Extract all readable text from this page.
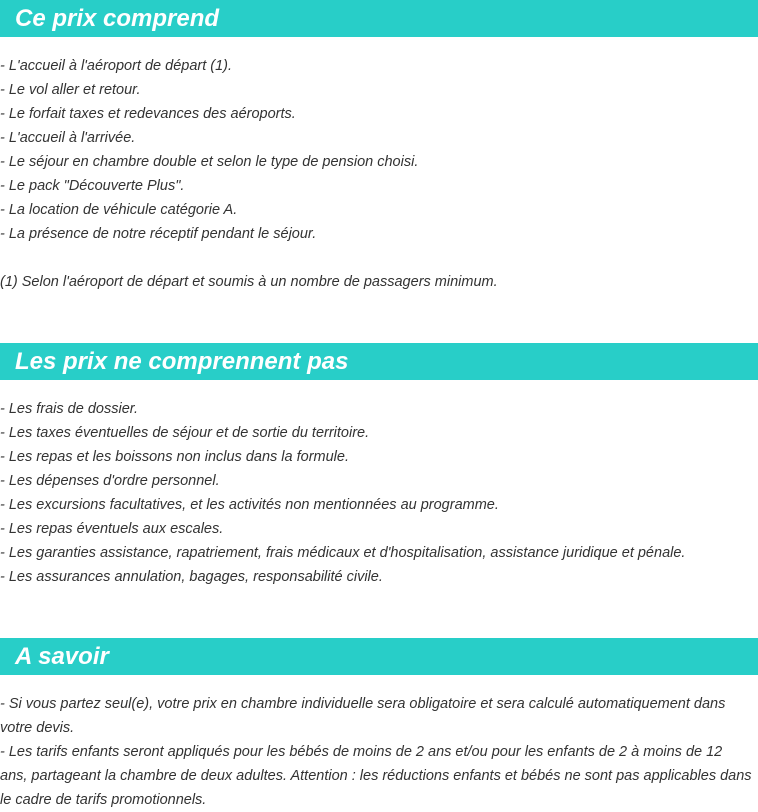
Ce prix comprend

- L'accueil à l'aéroport de départ (1).

- Le vol aller et retour.

- Le forfait taxes et redevances des aéroports.

- L'accueil à l'arrivée.

- Le séjour en chambre double et selon le type de pension choisi.

- Le pack "Découverte Plus".

- La location de véhicule catégorie A.

- La présence de notre réceptif pendant le séjour.

(1) Selon l'aéroport de départ et soumis à un nombre de passagers minimum.

Les prix ne comprennent pas

- Les frais de dossier.

- Les taxes éventuelles de séjour et de sortie du territoire.

- Les repas et les boissons non inclus dans la formule.

- Les dépenses d'ordre personnel.

- Les excursions facultatives, et les activités non mentionnées au programme.

- Les repas éventuels aux escales.

- Les garanties assistance, rapatriement, frais médicaux et d'hospitalisation, assistance juridique et pénale.

- Les assurances annulation, bagages, responsabilité civile.

A savoir

- Si vous partez seul(e), votre prix en chambre individuelle sera obligatoire et sera calculé automatiquement dans votre devis.

- Les tarifs enfants seront appliqués pour les bébés de moins de 2 ans et/ou pour les enfants de 2 à moins de 12 ans, partageant la chambre de deux adultes. Attention : les réductions enfants et bébés ne sont pas applicables dans le cadre de tarifs promotionnels.
